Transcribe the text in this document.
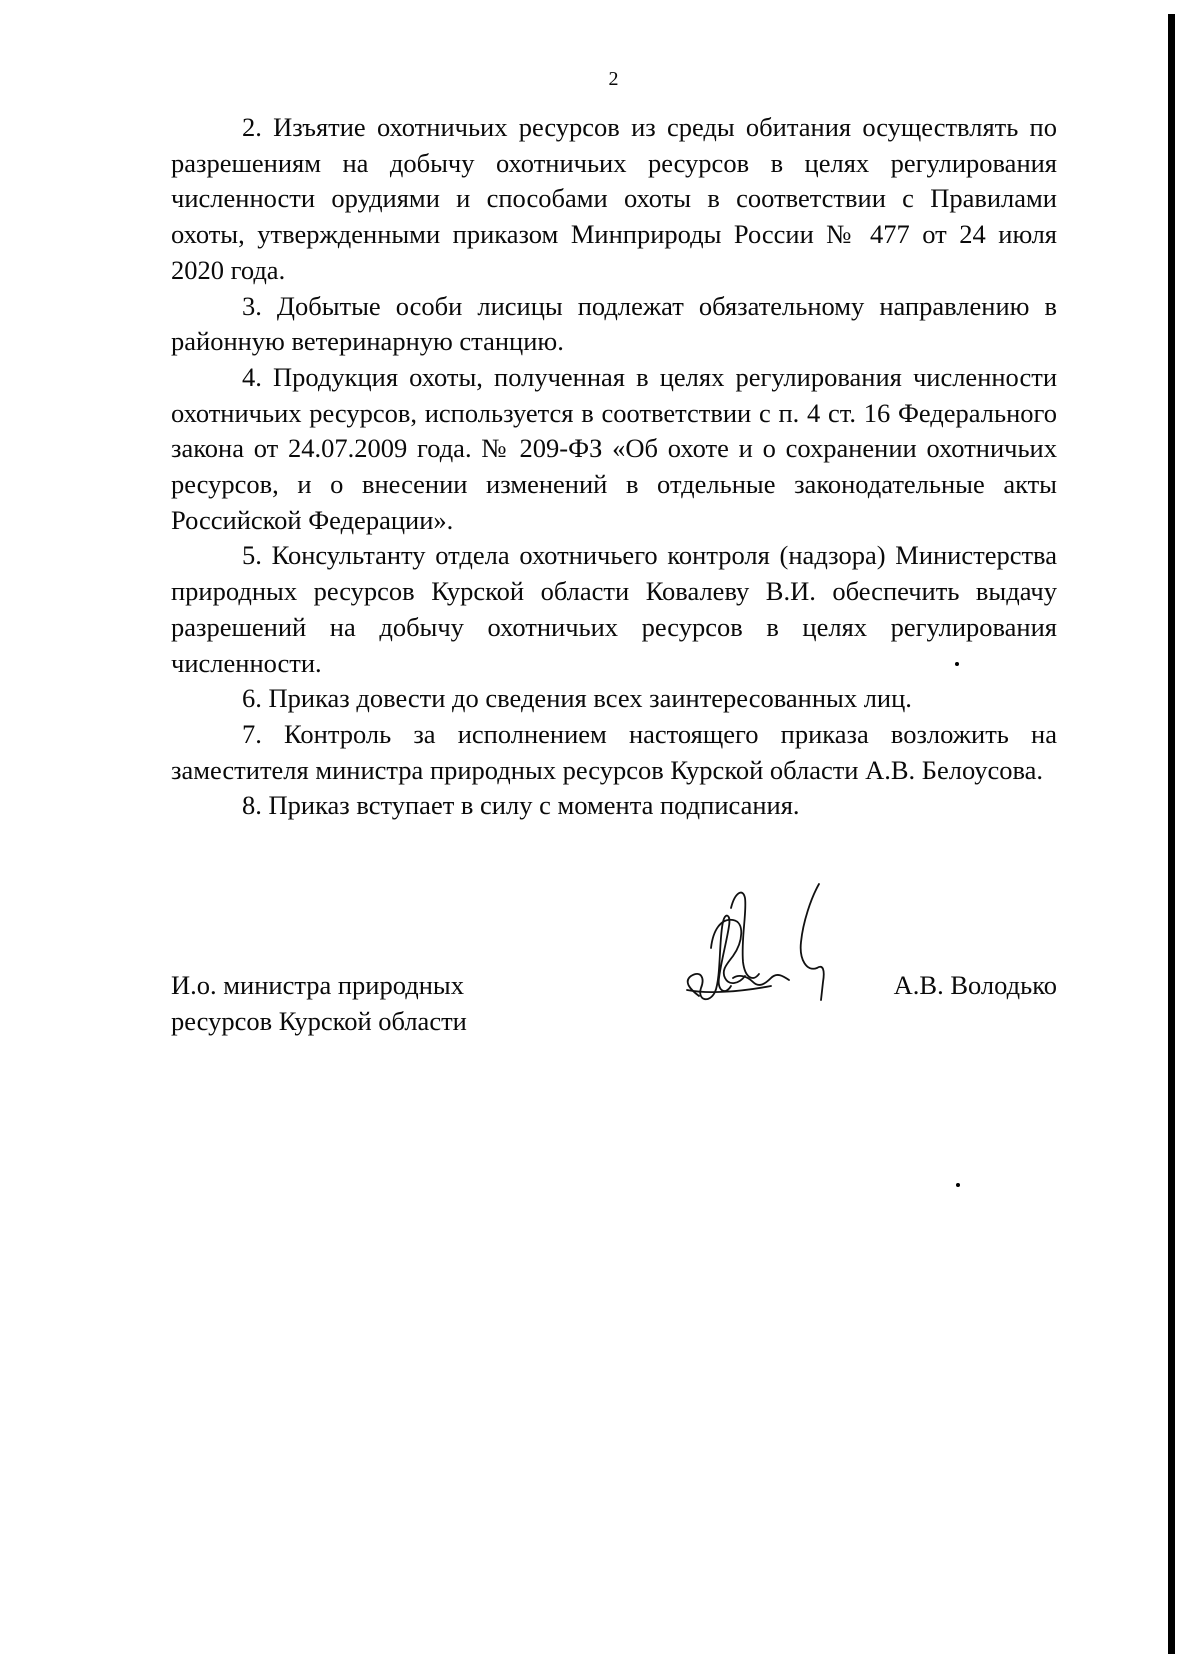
2

2. Изъятие охотничьих ресурсов из среды обитания осуществлять по разрешениям на добычу охотничьих ресурсов в целях регулирования численности орудиями и способами охоты в соответствии с Правилами охоты, утвержденными приказом Минприроды России № 477 от 24 июля 2020 года.

3. Добытые особи лисицы подлежат обязательному направлению в районную ветеринарную станцию.

4. Продукция охоты, полученная в целях регулирования численности охотничьих ресурсов, используется в соответствии с п. 4 ст. 16 Федерального закона от 24.07.2009 года. № 209-ФЗ «Об охоте и о сохранении охотничьих ресурсов, и о внесении изменений в отдельные законодательные акты Российской Федерации».

5. Консультанту отдела охотничьего контроля (надзора) Министерства природных ресурсов Курской области Ковалеву В.И. обеспечить выдачу разрешений на добычу охотничьих ресурсов в целях регулирования численности.

6. Приказ довести до сведения всех заинтересованных лиц.

7. Контроль за исполнением настоящего приказа возложить на заместителя министра природных ресурсов Курской области А.В. Белоусова.

8. Приказ вступает в силу с момента подписания.

И.о. министра природных
ресурсов Курской области

А.В. Володько
